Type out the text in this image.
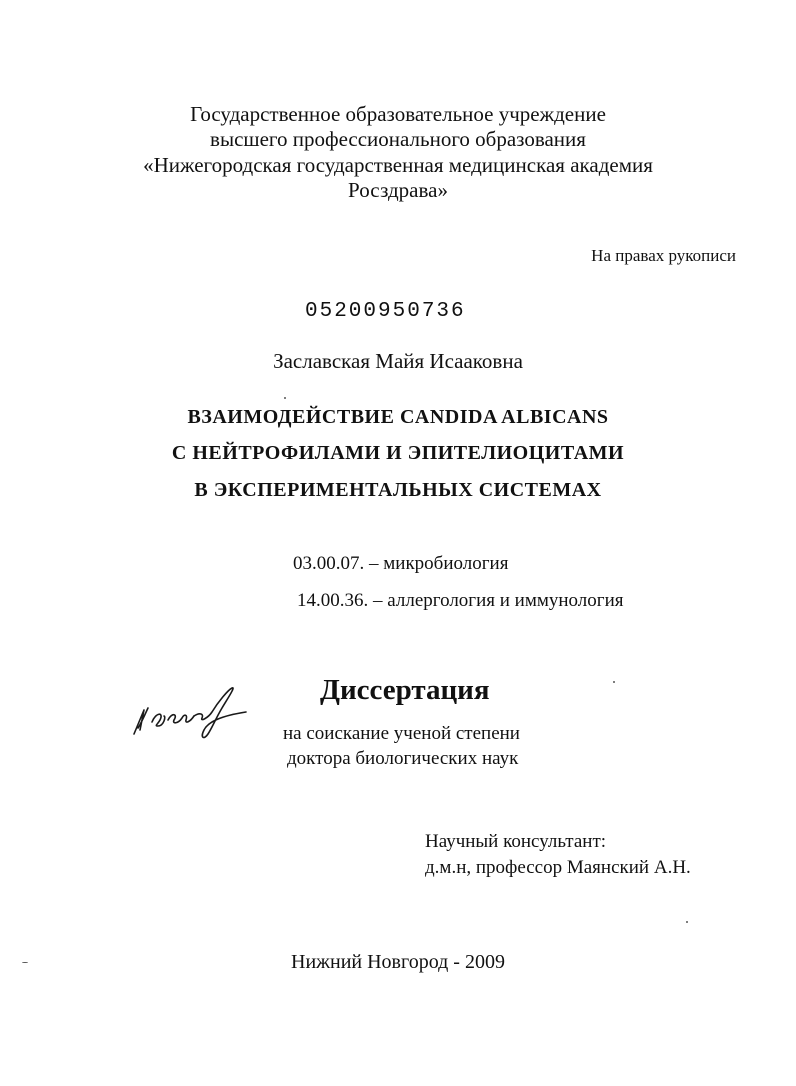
Государственное образовательное учреждение
высшего профессионального образования
«Нижегородская государственная медицинская академия
Росздрава»
На правах рукописи
05200950736
Заславская Майя Исааковна
ВЗАИМОДЕЙСТВИЕ CANDIDA ALBICANS
С НЕЙТРОФИЛАМИ И ЭПИТЕЛИОЦИТАМИ
В ЭКСПЕРИМЕНТАЛЬНЫХ СИСТЕМАХ
03.00.07. – микробиология
14.00.36. – аллергология и иммунология
Диссертация
на соискание ученой степени
доктора биологических наук
Научный консультант:
д.м.н, профессор Маянский А.Н.
Нижний Новгород - 2009
